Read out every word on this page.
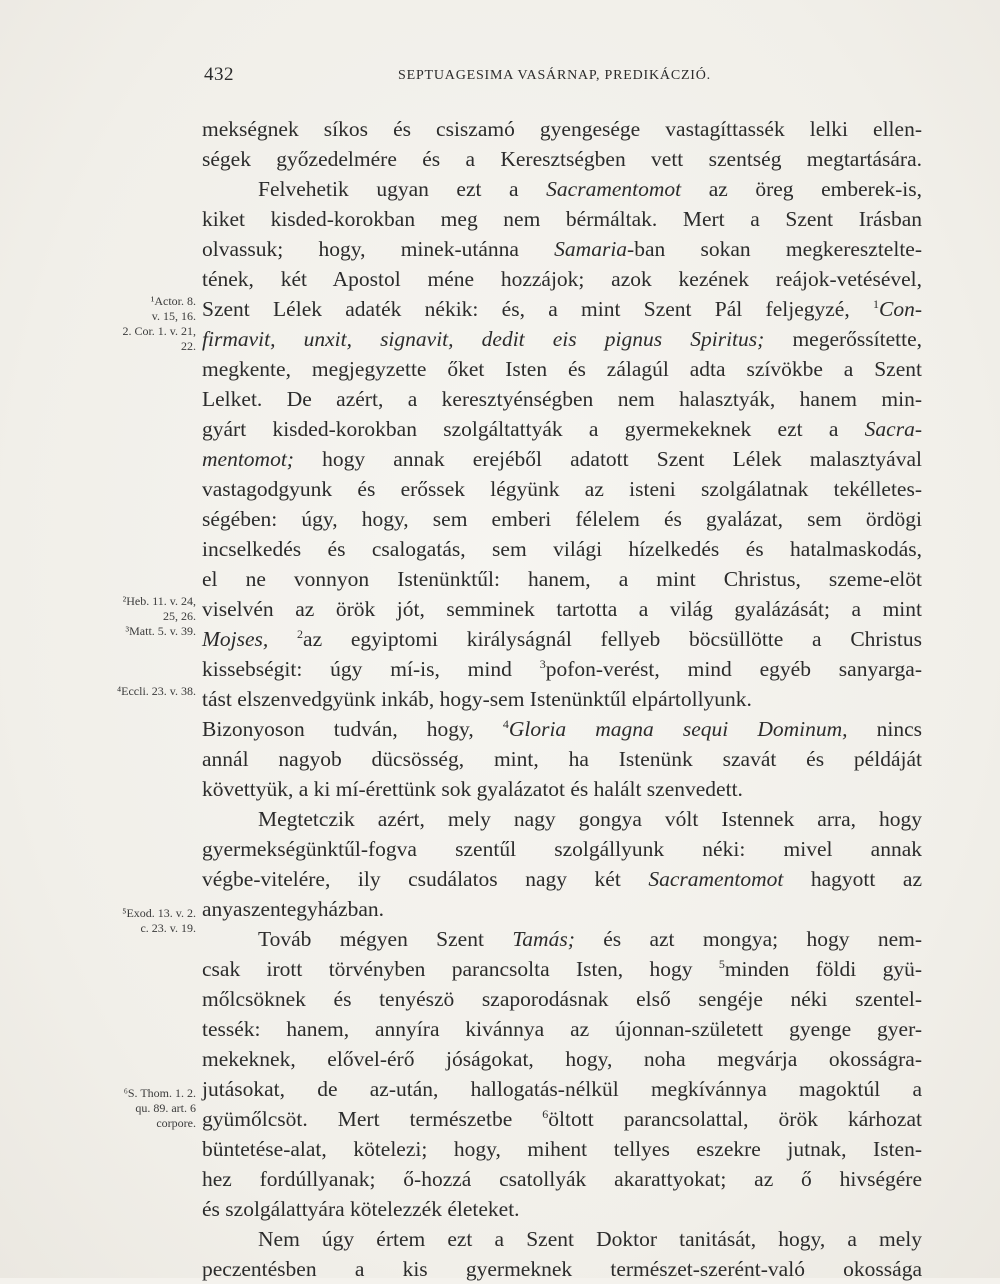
432	SEPTUAGESIMA VASÁRNAP, PREDIKÁCZIÓ.
mekségnek síkos és csiszamó gyengesége vastagíttassék lelki ellen-
ségek győzedelmére és a Keresztségben vett szentség megtartására.
Felvehetik ugyan ezt a Sacramentomot az öreg emberek-is,
kiket kisded-korokban meg nem bérmáltak. Mert a Szent Irásban
olvassuk; hogy, minek-utánna Samaria-ban sokan megkereszteltе-
tének, két Apostol méne hozzájok; azok kezének reájok-vetésével,
Szent Lélek adaték nékik: és, a mint Szent Pál feljegyzé, $^1$Con-
firmavit, unxit, signavit, dedit eis pignus Spiritus; megerőssítette,
megkente, megjegyzette őket Isten és zálagúl adta szívökbe a Szent
Lelket. De azért, a keresztyénségben nem halasztyák, hanem min-
gyárt kisded-korokban szolgáltattyák a gyermekeknek ezt a Sacra-
mentomot; hogy annak erejéből adatott Szent Lélek malasztyával
vastagodgyunk és erőssek légyünk az isteni szolgálatnak tekélletes-
ségében: úgy, hogy, sem emberi félelem és gyalázat, sem ördögi
incselkedés és csalogatás, sem világi hízelkedés és hatalmaskodás,
el ne vonnyon Istenünktűl: hanem, a mint Christus, szeme-elöt
viselvén az örök jót, semminek tartotta a világ gyalázását; a mint
Mojses, $^2$az egyiptomi királyságnál fellyeb böcsüllötte a Christus
kissebségit: úgy mí-is, mind $^3$pofon-verést, mind egyéb sanyarga-
tást elszenvedgyünk inkáb, hogy-sem Istenünktűl elpártollyunk.
Bizonyoson tudván, hogy, $^4$Gloria magna sequi Dominum, nincs
annál nagyob dücsösség, mint, ha Istenünk szavát és példáját
követtyük, a ki mí-érettünk sok gyalázatot és halált szenvedett.
Megtetczik azért, mely nagy gongya vólt Istennek arra, hogy
gyermekségünktűl-fogva szentűl szolgállyunk néki: mivel annak
végbe-vitelére, ily csudálatos nagy két Sacramentomot hagyott az
anyaszentegyházban.
Továb mégyen Szent Tamás; és azt mongya; hogy nem-
csak irott törvényben parancsolta Isten, hogy $^5$minden földi gyü-
mőlcsöknek és tenyészö szaporodásnak első sengéje néki szentel-
tessék: hanem, annyíra kivánnya az újonnan-született gyenge gyer-
mekeknek, elővel-érő jóságokat, hogy, noha megvárja okosságra-
jutásokat, de az-után, hallogatás-nélkül megkívánnya magoktúl a
gyümőlcsöt. Mert természetbe $^6$öltott parancsolattal, örök kárhozat
büntetése-alat, kötelezi; hogy, mihent tellyes eszekre jutnak, Isten-
hez fordúllyanak; ő-hozzá csatollyák akarattyokat; az ő hivségére
és szolgálattyára kötelezzék életeket.
Nem úgy értem ezt a Szent Doktor tanitását, hogy, a mely
peczentésben a kis gyermeknek természet-szerént-való okossága
¹Actor. 8.
v. 15, 16.
2. Cor. 1. v. 21,
22.
²Heb. 11. v. 24,
25, 26.
³Matt. 5. v. 39.
⁴Eccli. 23. v. 38.
⁵Exod. 13. v. 2.
c. 23. v. 19.
⁶S. Thom. 1. 2.
qu. 89. art. 6
corpore.
